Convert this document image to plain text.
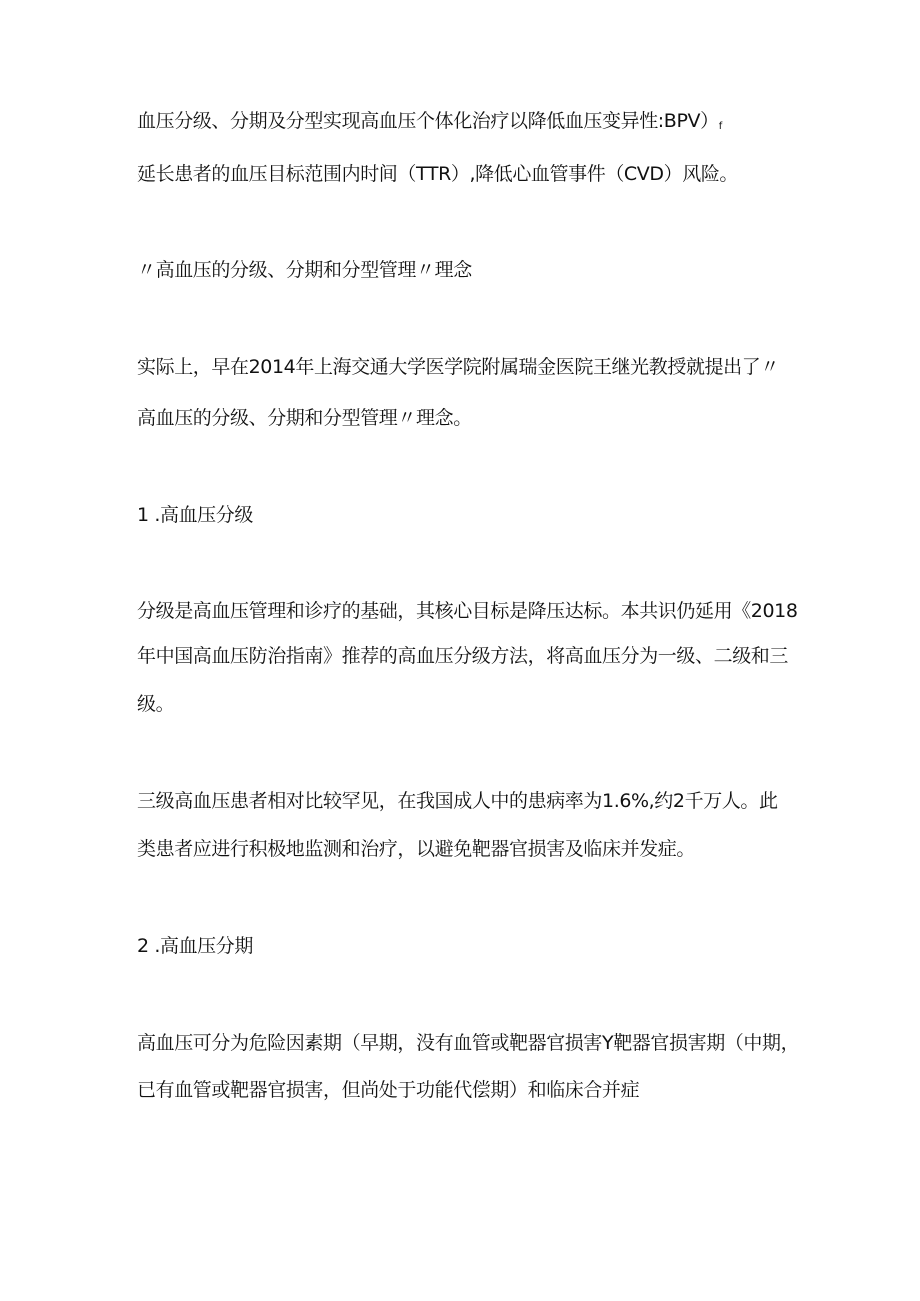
血压分级、分期及分型实现高血压个体化治疗以降低血压变异性$:BPV)_f$
延长患者的血压目标范围内时间（TTR）,降低心血管事件（CVD）风险。
〃高血压的分级、分期和分型管理〃理念
实际上，早在2014年上海交通大学医学院附属瑞金医院王继光教授就提出了〃
高血压的分级、分期和分型管理〃理念。
1 .高血压分级
分级是高血压管理和诊疗的基础，其核心目标是降压达标。本共识仍延用《2018
年中国高血压防治指南》推荐的高血压分级方法，将高血压分为一级、二级和三
级。
三级高血压患者相对比较罕见，在我国成人中的患病率为1.6%,约2千万人。此
类患者应进行积极地监测和治疗，以避免靶器官损害及临床并发症。
2 .高血压分期
高血压可分为危险因素期（早期，没有血管或靶器官损害Y靶器官损害期（中期，
已有血管或靶器官损害，但尚处于功能代偿期）和临床合并症
